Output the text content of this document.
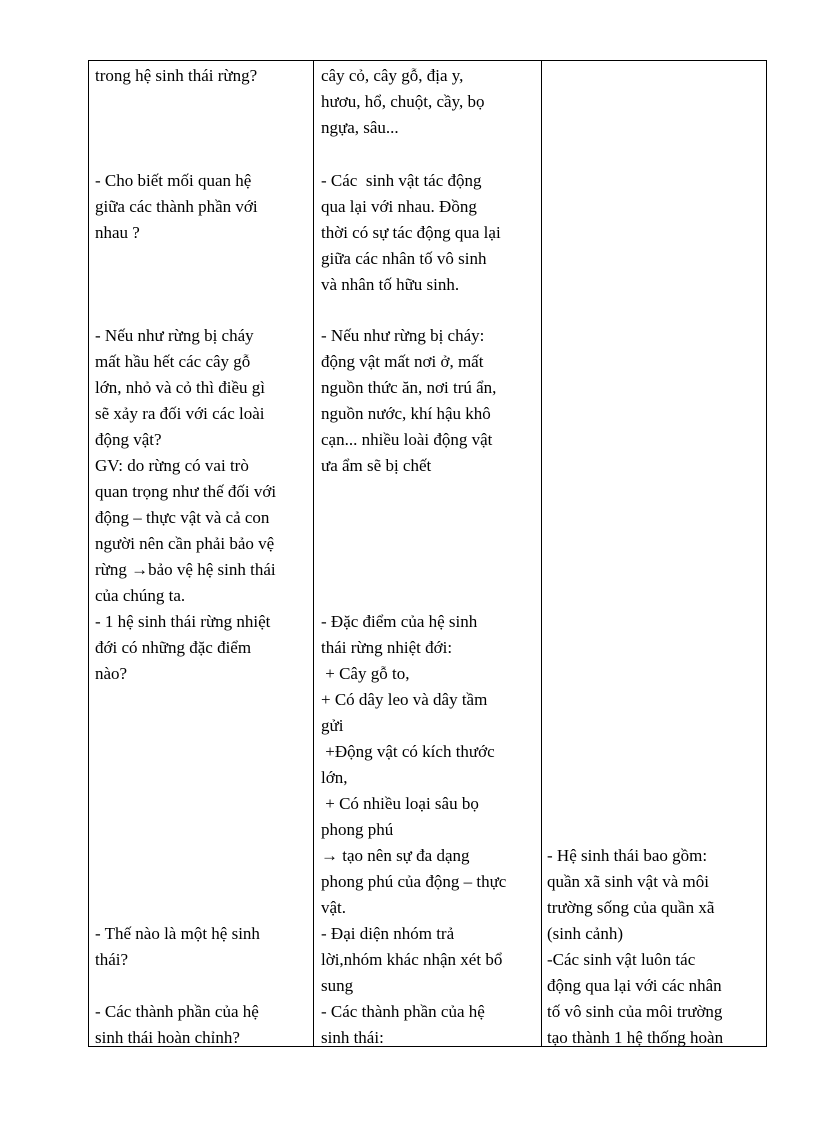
trong hệ sinh thái rừng?
- Cho biết mối quan hệ
giữa các thành phần với
nhau ?
- Nếu như rừng bị cháy
mất hầu hết các cây gỗ
lớn, nhỏ và cỏ thì điều gì
sẽ xảy ra đối với các loài
động vật?
GV: do rừng có vai trò
quan trọng như thế đối với
động – thực vật và cả con
người nên cần phải bảo vệ
rừng →bảo vệ hệ sinh thái
của chúng ta.
- 1 hệ sinh thái rừng nhiệt
đới có những đặc điểm
nào?
- Thế nào là một hệ sinh
thái?
- Các thành phần của hệ
sinh thái hoàn chỉnh?
cây cỏ, cây gỗ, địa y,
hươu, hổ, chuột, cầy, bọ
ngựa, sâu...
- Các  sinh vật tác động
qua lại với nhau. Đồng
thời có sự tác động qua lại
giữa các nhân tố vô sinh
và nhân tố hữu sinh.
- Nếu như rừng bị cháy:
động vật mất nơi ở, mất
nguồn thức ăn, nơi trú ẩn,
nguồn nước, khí hậu khô
cạn... nhiều loài động vật
ưa ẩm sẽ bị chết
- Đặc điểm của hệ sinh
thái rừng nhiệt đới:
+ Cây gỗ to,
+ Có dây leo và dây tầm
gửi
+Động vật có kích thước
lớn,
+ Có nhiều loại sâu bọ
phong phú
→ tạo nên sự đa dạng
phong phú của động – thực
vật.
- Đại diện nhóm trả
lời,nhóm khác nhận xét bổ
sung
- Các thành phần của hệ
sinh thái:
- Hệ sinh thái bao gồm:
quần xã sinh vật và môi
trường sống của quần xã
(sinh cảnh)
-Các sinh vật luôn tác
động qua lại với các nhân
tố vô sinh của môi trường
tạo thành 1 hệ thống hoàn
